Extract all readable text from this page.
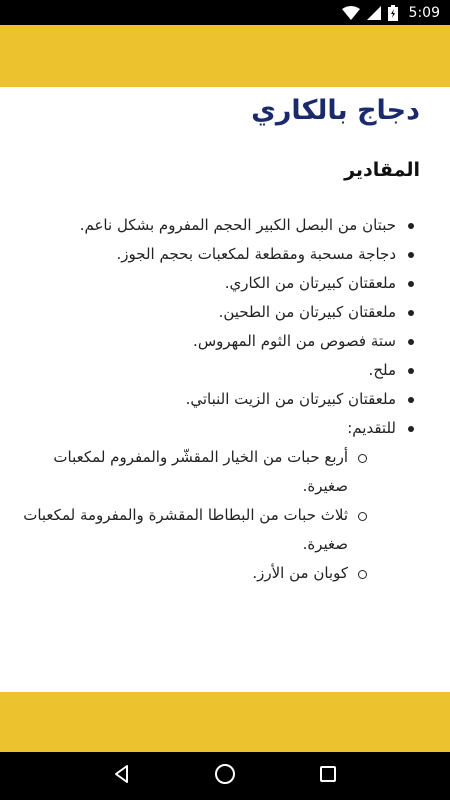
5:09
دجاج بالكاري
المقادير
حبتان من البصل الكبير الحجم المفروم بشكل ناعم.
دجاجة مسحبة ومقطعة لمكعبات بحجم الجوز.
ملعقتان كبيرتان من الكاري.
ملعقتان كبيرتان من الطحين.
ستة فصوص من الثوم المهروس.
ملح.
ملعقتان كبيرتان من الزيت النباتي.
للتقديم:
أربع حبات من الخيار المقشّر والمفروم لمكعبات صغيرة.
ثلاث حبات من البطاطا المقشرة والمفرومة لمكعبات صغيرة.
كوبان من الأرز.
